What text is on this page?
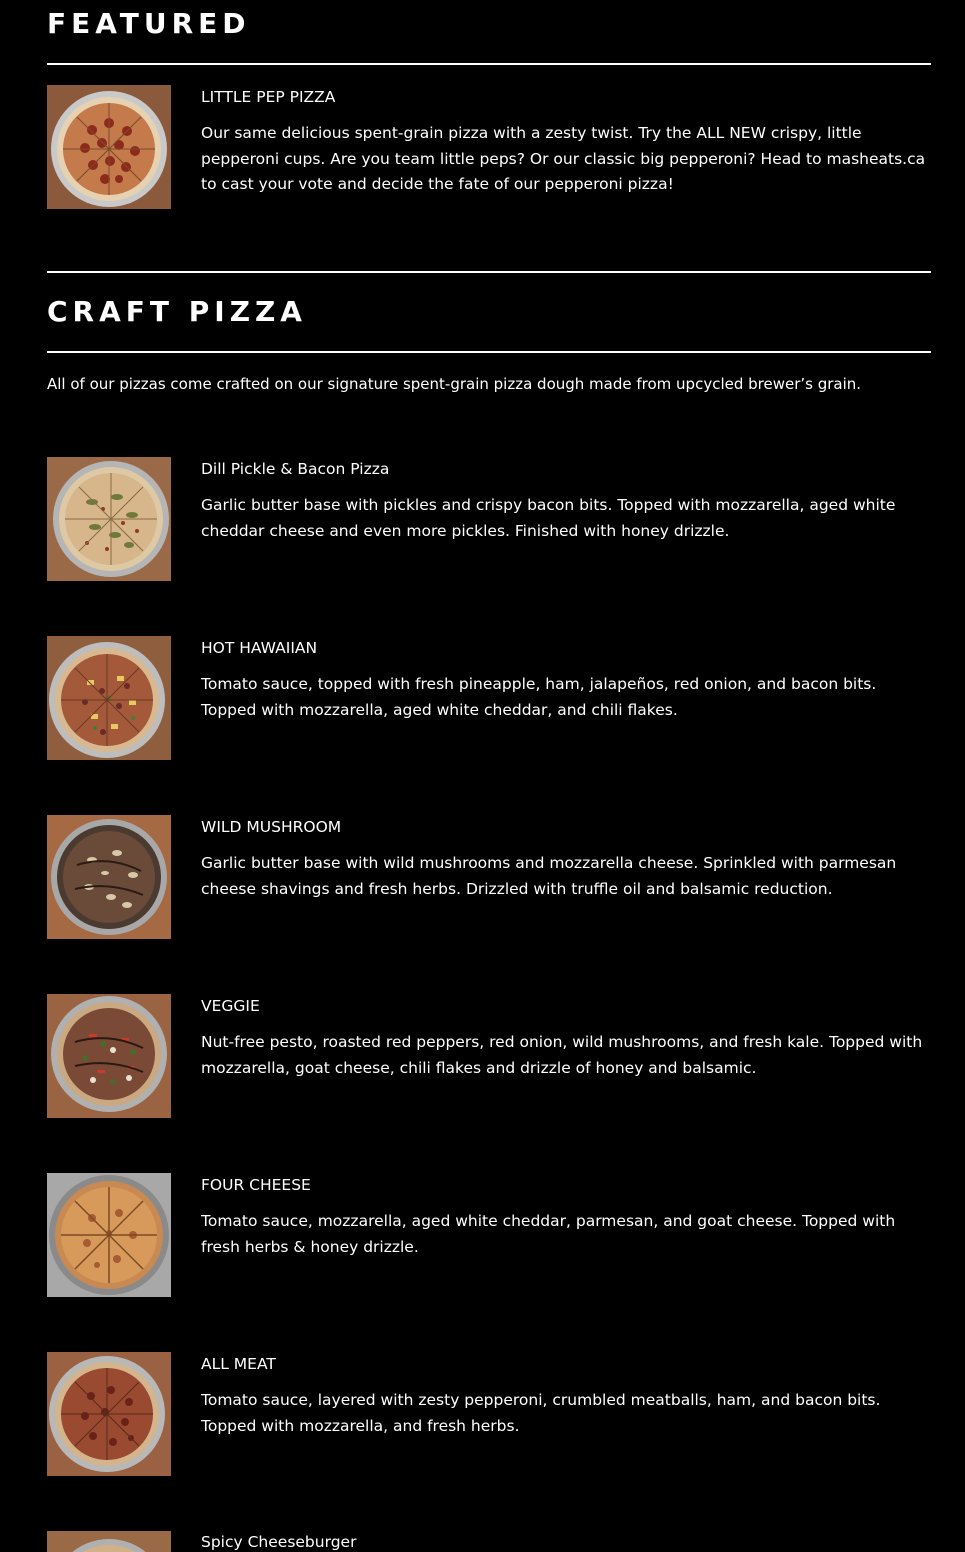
FEATURED
LITTLE PEP PIZZA

Our same delicious spent-grain pizza with a zesty twist. Try the ALL NEW crispy, little pepperoni cups. Are you team little peps? Or our classic big pepperoni? Head to masheats.ca to cast your vote and decide the fate of our pepperoni pizza!

CRAFT PIZZA

All of our pizzas come crafted on our signature spent-grain pizza dough made from upcycled brewer’s grain.

Dill Pickle & Bacon Pizza

Garlic butter base with pickles and crispy bacon bits. Topped with mozzarella, aged white cheddar cheese and even more pickles. Finished with honey drizzle.

HOT HAWAIIAN

Tomato sauce, topped with fresh pineapple, ham, jalapeños, red onion, and bacon bits. Topped with mozzarella, aged white cheddar, and chili flakes.

WILD MUSHROOM

Garlic butter base with wild mushrooms and mozzarella cheese. Sprinkled with parmesan cheese shavings and fresh herbs. Drizzled with truffle oil and balsamic reduction.

VEGGIE

Nut-free pesto, roasted red peppers, red onion, wild mushrooms, and fresh kale. Topped with mozzarella, goat cheese, chili flakes and drizzle of honey and balsamic.

FOUR CHEESE

Tomato sauce, mozzarella, aged white cheddar, parmesan, and goat cheese. Topped with fresh herbs & honey drizzle.

ALL MEAT

Tomato sauce, layered with zesty pepperoni, crumbled meatballs, ham, and bacon bits. Topped with mozzarella, and fresh herbs.

Spicy Cheeseburger
